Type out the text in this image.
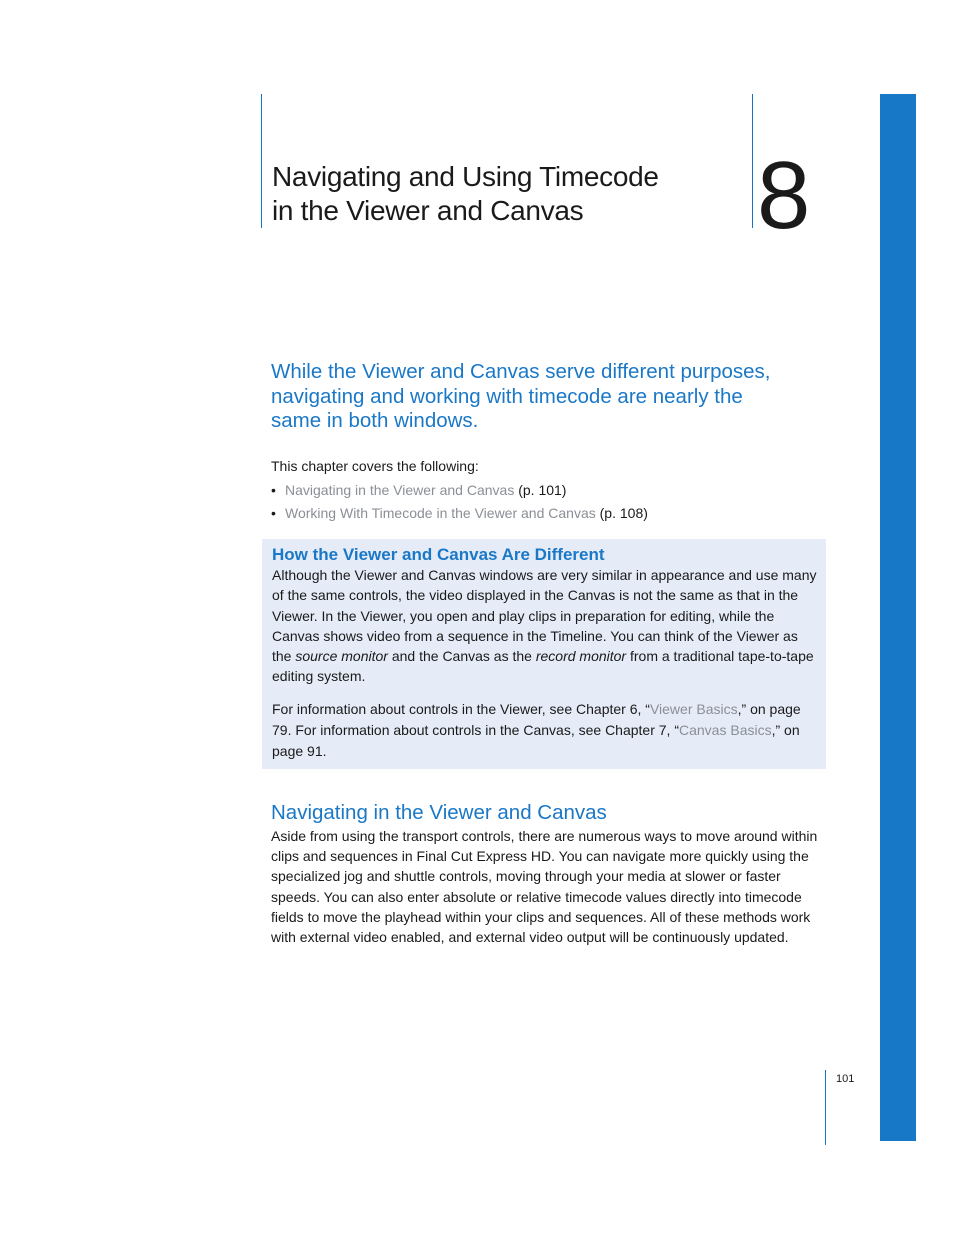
Navigating and Using Timecode
in the Viewer and Canvas	8

While the Viewer and Canvas serve different purposes, navigating and working with timecode are nearly the same in both windows.

This chapter covers the following:

• Navigating in the Viewer and Canvas (p. 101)
• Working With Timecode in the Viewer and Canvas (p. 108)
How the Viewer and Canvas Are Different

Although the Viewer and Canvas windows are very similar in appearance and use many of the same controls, the video displayed in the Canvas is not the same as that in the Viewer. In the Viewer, you open and play clips in preparation for editing, while the Canvas shows video from a sequence in the Timeline. You can think of the Viewer as the source monitor and the Canvas as the record monitor from a traditional tape-to-tape editing system.

For information about controls in the Viewer, see Chapter 6, “Viewer Basics,” on page 79. For information about controls in the Canvas, see Chapter 7, “Canvas Basics,” on page 91.

Navigating in the Viewer and Canvas

Aside from using the transport controls, there are numerous ways to move around within clips and sequences in Final Cut Express HD. You can navigate more quickly using the specialized jog and shuttle controls, moving through your media at slower or faster speeds. You can also enter absolute or relative timecode values directly into timecode fields to move the playhead within your clips and sequences. All of these methods work with external video enabled, and external video output will be continuously updated.

101
